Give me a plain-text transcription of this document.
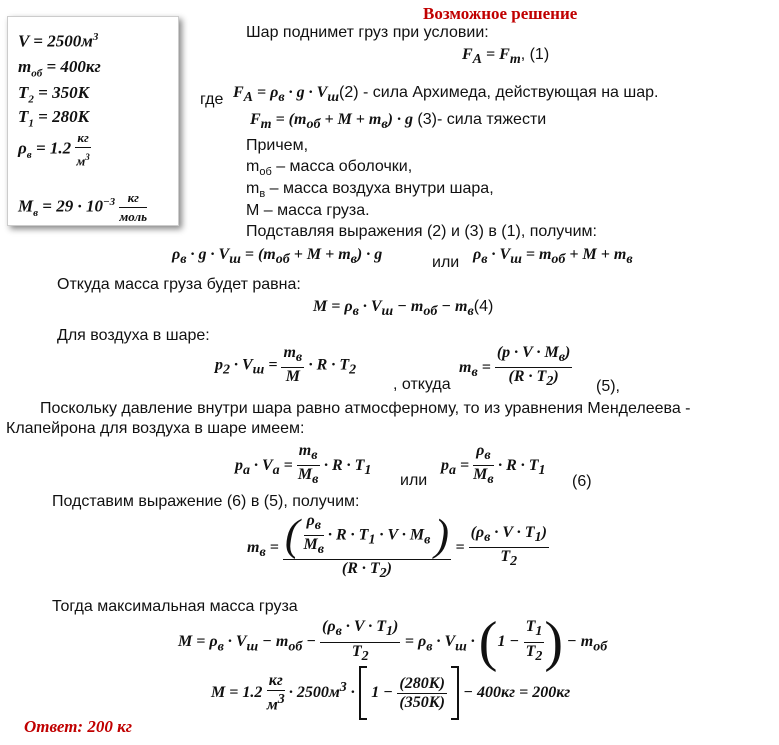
$V = 2500м^3$
$m_{об} = 400кг$
$T_2 = 350К$
$T_1 = 280К$
$\rho_в = 1.2 \frac{кг}{м^3}$
$M_в = 29 \cdot 10^{-3} \frac{кг}{\text{моль}}$
Возможное решение
Шар поднимет груз при условии:
$F_A = F_т$, (1)
где $F_A = \rho_в \cdot g \cdot V_ш(2)$ - сила Архимеда, действующая на шар.
$F_т = (m_{об} + M + m_в) \cdot g$ (3)- сила тяжести
Причем,
$m_{об}$ – масса оболочки,
$m_в$ – масса воздуха внутри шара,
М – масса груза.
Подставляя выражения (2) и (3) в (1), получим:
$\rho_в \cdot g \cdot V_ш = (m_{об} + M + m_в) \cdot g$	или $\rho_в \cdot V_ш = m_{об} + M + m_в$
Откуда масса груза будет равна:
$M = \rho_в \cdot V_ш - m_{об} - m_в(4)$
Для воздуха в шаре:
$p_2 \cdot V_ш = \frac{m_в}{M} \cdot R \cdot T_2$
, откуда
$m_в = \frac{(p \cdot V \cdot M_в)}{(R \cdot T_2)} (5)$,
Поскольку давление внутри шара равно атмосферному, то из уравнения Менделеева -
Клапейрона для воздуха в шаре имеем:
$p_a \cdot V_a = \frac{m_в}{M_в} \cdot R \cdot T_1$
или
$p_a = \frac{\rho_в}{M_в} \cdot R \cdot T_1$
(6)
Подставим выражение (6) в (5), получим:
$m_в = \frac{( \frac{\rho_в}{M_в} \cdot R \cdot T_1 \cdot V \cdot M_в )}{(R \cdot T_2)} = \frac{(\rho_в \cdot V \cdot T_1)}{T_2}$
Тогда максимальная масса груза
$M = \rho_в \cdot V_ш - m_{об} - \frac{(\rho_в \cdot V \cdot T_1)}{T_2} = \rho_в \cdot V_ш \cdot (1 - \frac{T_1}{T_2}$ ) − $m_{об}$
$M = 1.2 \frac{кг}{м^3} \cdot 2500м^3 \cdot 1 - \frac{(280К)}{(350К)} - 400кг = 200кг$
Ответ: 200 кг
